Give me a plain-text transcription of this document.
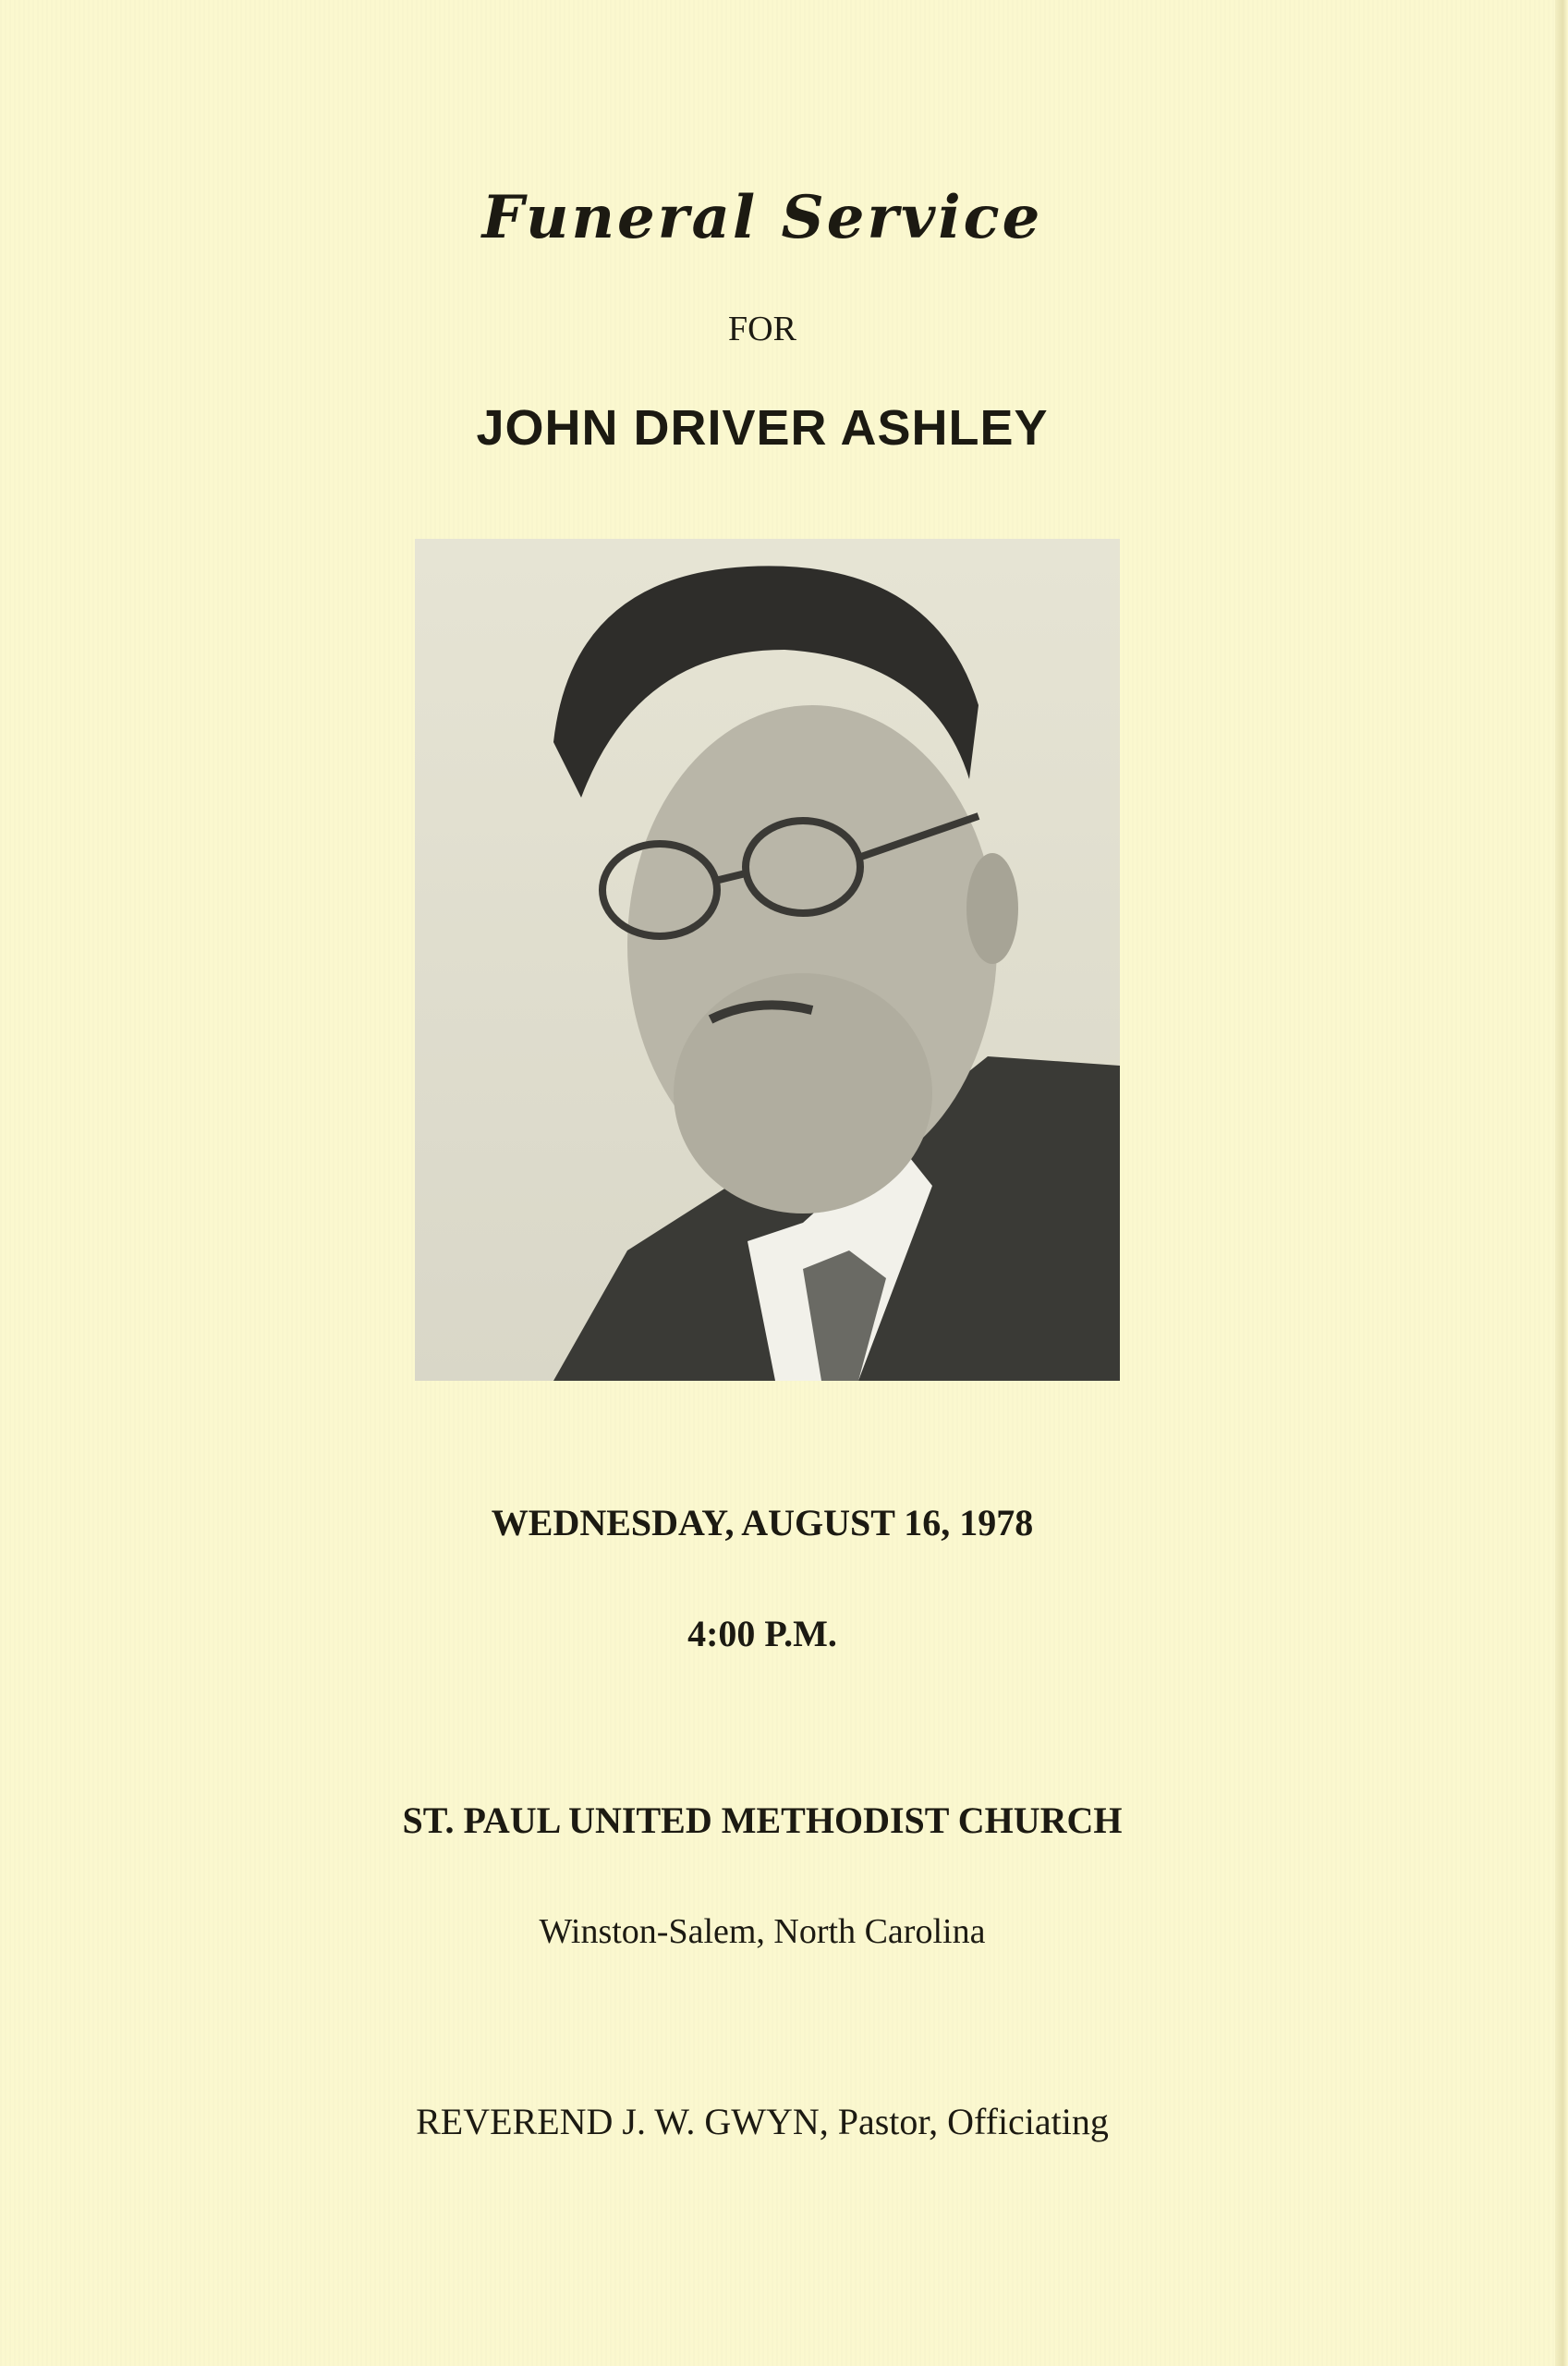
Funeral Service
FOR
JOHN DRIVER ASHLEY
WEDNESDAY, AUGUST 16, 1978
4:00 P.M.
ST. PAUL UNITED METHODIST CHURCH
Winston-Salem, North Carolina
REVEREND J. W. GWYN, Pastor, Officiating
